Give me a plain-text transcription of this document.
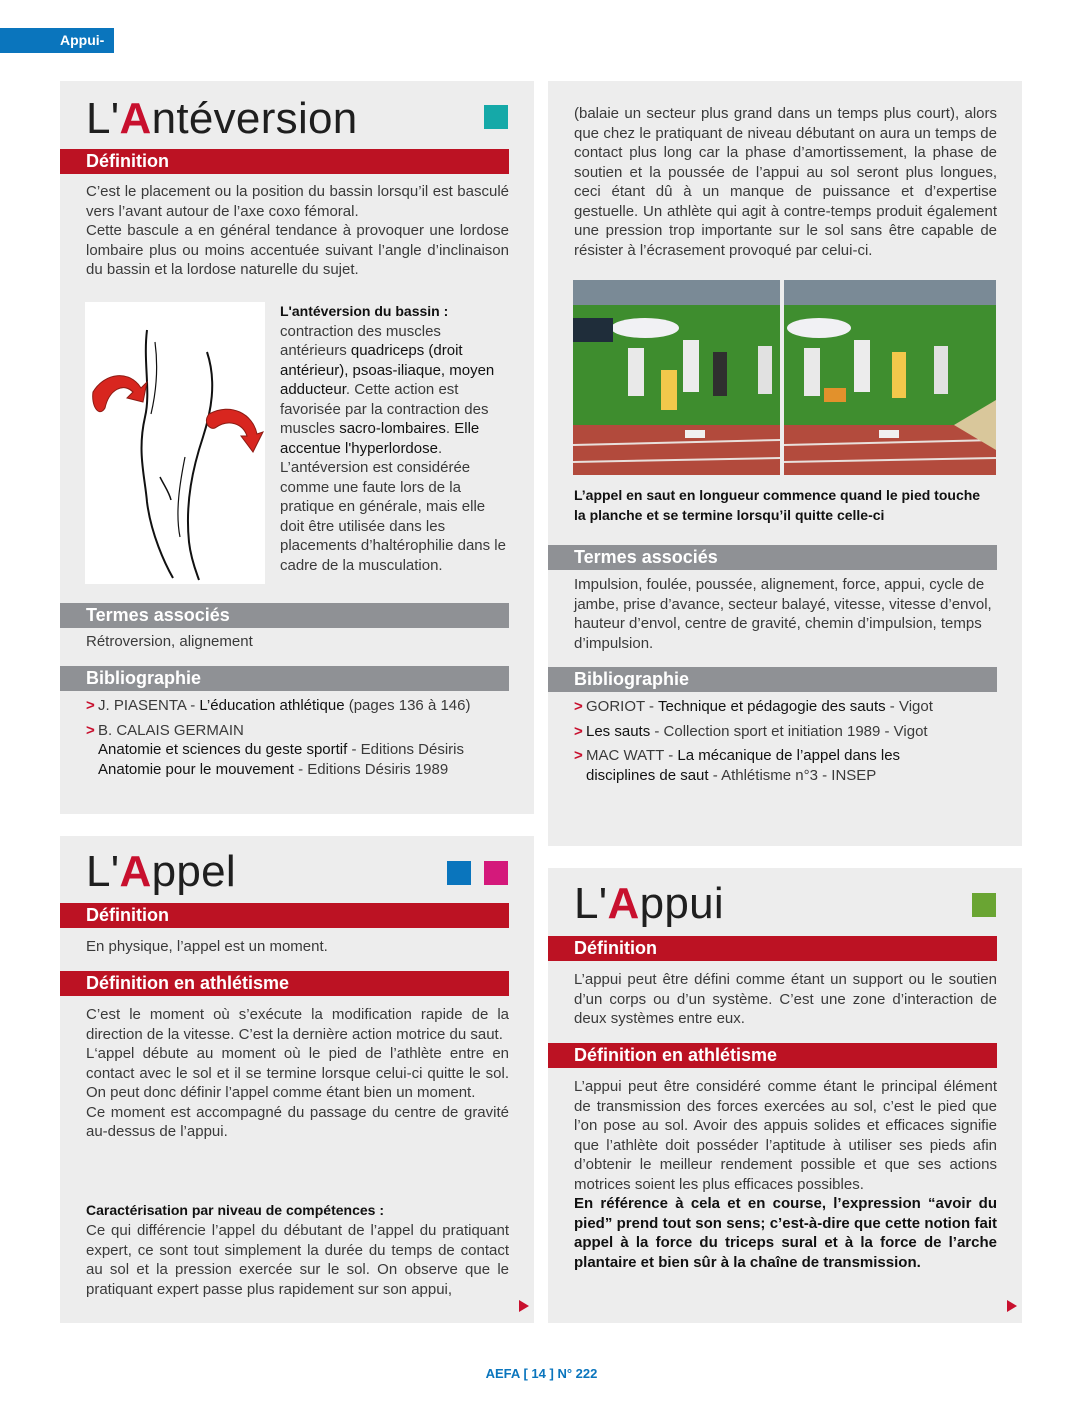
Appui-
L'Antéversion
Définition
C’est le placement ou la position du bassin lorsqu’il est basculé vers l’avant autour de l’axe coxo fémoral.
Cette bascule a en général tendance à provoquer une lordose lombaire plus ou moins accentuée suivant l’angle d’inclinaison du bassin et la lordose naturelle du sujet.
L'antéversion du bassin :
contraction des muscles antérieurs quadriceps (droit antérieur), psoas-iliaque, moyen adducteur. Cette action est favorisée par la contraction des muscles sacro-lombaires. Elle accentue l'hyperlordose. L’antéversion est considérée comme une faute lors de la pratique en générale, mais elle doit être utilisée dans les placements d’haltérophilie dans le cadre de la musculation.
Termes associés
Rétroversion, alignement
Bibliographie
> J. PIASENTA - L’éducation athlétique (pages 136 à 146)
> B. CALAIS GERMAIN
Anatomie et sciences du geste sportif - Editions Désiris
Anatomie pour le mouvement - Editions Désiris 1989
L'Appel
Définition
En physique, l’appel est un moment.
Définition en athlétisme
C’est le moment où s’exécute la modification rapide de la direction de la vitesse. C’est la dernière action motrice du saut.
L‘appel débute au moment où le pied de l’athlète entre en contact avec le sol et il se termine lorsque celui-ci quitte le sol. On peut donc définir l’appel comme étant bien un moment.
Ce moment est accompagné du passage du centre de gravité au-dessus de l’appui.
Caractérisation par niveau de compétences :
Ce qui différencie l’appel du débutant de l’appel du pratiquant expert, ce sont tout simplement la durée du temps de contact au sol et la pression exercée sur le sol. On observe que le pratiquant expert passe plus rapidement sur son appui,
(balaie un secteur plus grand dans un temps plus court), alors que chez le pratiquant de niveau débutant on aura un temps de contact plus long car la phase d’amortissement, la phase de soutien et la poussée de l’appui au sol seront plus longues, ceci étant dû à un manque de puissance et d’expertise gestuelle. Un athlète qui agit à contre-temps produit également une pression trop importante sur le sol sans être capable de résister à l’écrasement provoqué par celui-ci.
L’appel en saut en longueur commence quand le pied touche la planche et se termine lorsqu’il quitte celle-ci
Termes associés
Impulsion, foulée, poussée, alignement, force, appui, cycle de jambe, prise d’avance, secteur balayé, vitesse, vitesse d’envol, hauteur d’envol, centre de gravité, chemin d’impulsion, temps d’impulsion.
Bibliographie
> GORIOT - Technique et pédagogie des sauts - Vigot
> Les sauts - Collection sport et initiation 1989 - Vigot
> MAC WATT - La mécanique de l’appel dans les disciplines de saut - Athlétisme n°3 - INSEP
L'Appui
Définition
L’appui peut être défini comme étant un support ou le soutien d’un corps ou d’un système. C’est une zone d’interaction de deux systèmes entre eux.
Définition en athlétisme
L’appui peut être considéré comme étant le principal élément de transmission des forces exercées au sol, c’est le pied que l’on pose au sol. Avoir des appuis solides et efficaces signifie que l’athlète doit posséder l’aptitude à utiliser ses pieds afin d’obtenir le meilleur rendement possible et que ses actions motrices soient les plus efficaces possibles.
En référence à cela et en course, l’expression “avoir du pied” prend tout son sens; c’est-à-dire que cette notion fait appel à la force du triceps sural et à la force de l’arche plantaire et bien sûr à la chaîne de transmission.
AEFA [ 14 ] N° 222
